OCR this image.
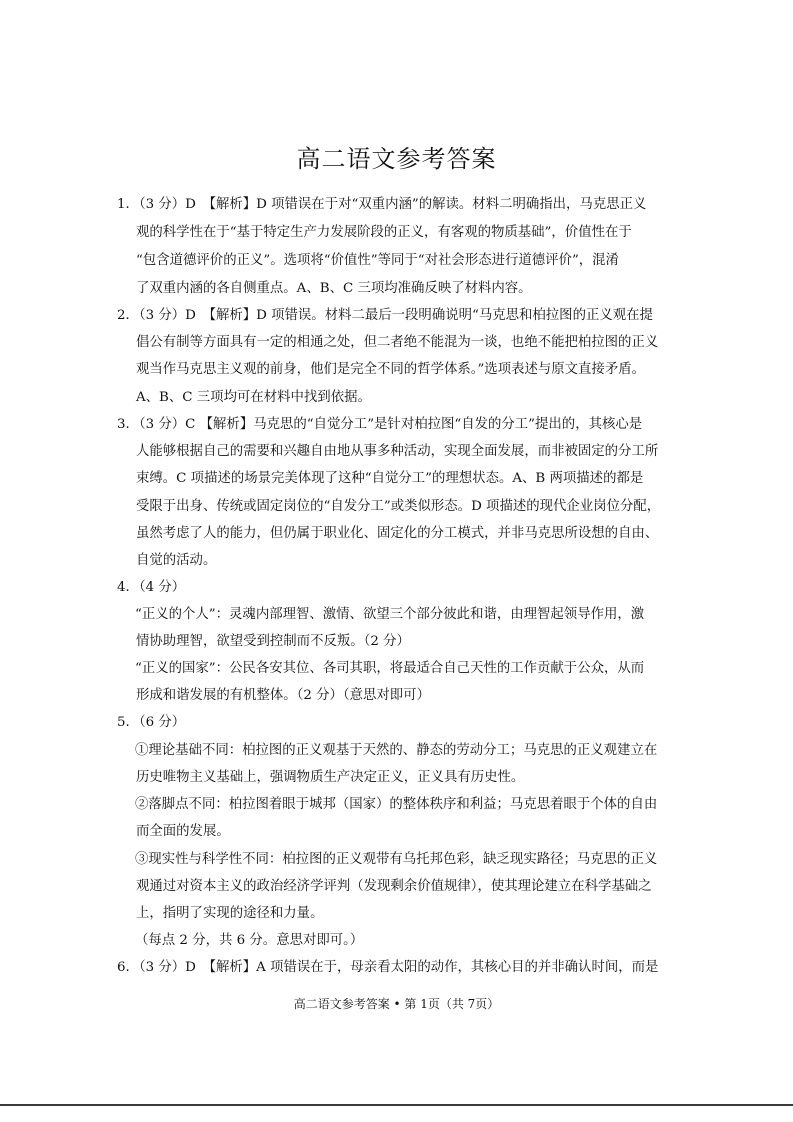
高二语文参考答案
1．（3 分）D　【解析】D 项错误在于对“双重内涵”的解读。材料二明确指出，马克思正义
观的科学性在于“基于特定生产力发展阶段的正义，有客观的物质基础”，价值性在于
“包含道德评价的正义”。选项将“价值性”等同于“对社会形态进行道德评价”，混淆
了双重内涵的各自侧重点。A、B、C 三项均准确反映了材料内容。
2．（3 分）D　【解析】D 项错误。材料二最后一段明确说明“马克思和柏拉图的正义观在提
倡公有制等方面具有一定的相通之处，但二者绝不能混为一谈，也绝不能把柏拉图的正义
观当作马克思主义观的前身，他们是完全不同的哲学体系。”选项表述与原文直接矛盾。
A、B、C 三项均可在材料中找到依据。
3．（3 分）C 【解析】马克思的“自觉分工”是针对柏拉图“自发的分工”提出的，其核心是
人能够根据自己的需要和兴趣自由地从事多种活动，实现全面发展，而非被固定的分工所
束缚。C 项描述的场景完美体现了这种“自觉分工”的理想状态。A、B 两项描述的都是
受限于出身、传统或固定岗位的“自发分工”或类似形态。D 项描述的现代企业岗位分配，
虽然考虑了人的能力，但仍属于职业化、固定化的分工模式，并非马克思所设想的自由、
自觉的活动。
4．（4 分）
“正义的个人”：灵魂内部理智、激情、欲望三个部分彼此和谐，由理智起领导作用，激
情协助理智，欲望受到控制而不反叛。（2 分）
“正义的国家”：公民各安其位、各司其职，将最适合自己天性的工作贡献于公众，从而
形成和谐发展的有机整体。（2 分）（意思对即可）
5．（6 分）
①理论基础不同：柏拉图的正义观基于天然的、静态的劳动分工；马克思的正义观建立在
历史唯物主义基础上，强调物质生产决定正义，正义具有历史性。
②落脚点不同：柏拉图着眼于城邦（国家）的整体秩序和利益；马克思着眼于个体的自由
而全面的发展。
③现实性与科学性不同：柏拉图的正义观带有乌托邦色彩，缺乏现实路径；马克思的正义
观通过对资本主义的政治经济学评判（发现剩余价值规律），使其理论建立在科学基础之
上，指明了实现的途径和力量。
（每点 2 分，共 6 分。意思对即可。）
6．（3 分）D　【解析】A 项错误在于，母亲看太阳的动作，其核心目的并非确认时间，而是
高二语文参考答案 • 第 1页（共 7页）
